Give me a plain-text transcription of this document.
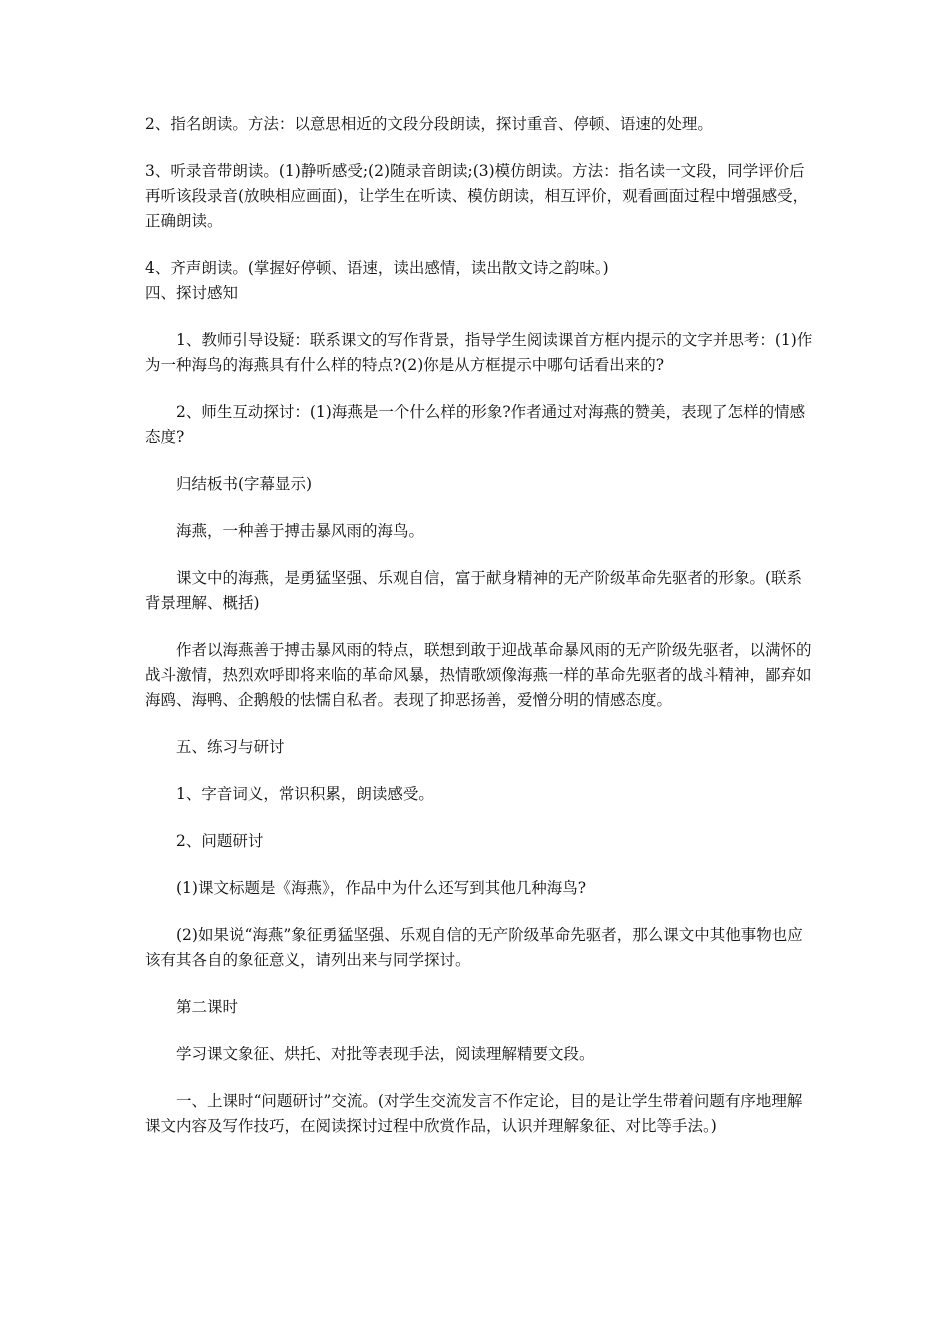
2、指名朗读。方法：以意思相近的文段分段朗读，探讨重音、停顿、语速的处理。

3、听录音带朗读。(1)静听感受;(2)随录音朗读;(3)模仿朗读。方法：指名读一文段，同学评价后再听该段录音(放映相应画面)，让学生在听读、模仿朗读，相互评价，观看画面过程中增强感受，正确朗读。

4、齐声朗读。(掌握好停顿、语速，读出感情，读出散文诗之韵味。)

四、探讨感知

1、教师引导设疑：联系课文的写作背景，指导学生阅读课首方框内提示的文字并思考：(1)作为一种海鸟的海燕具有什么样的特点?(2)你是从方框提示中哪句话看出来的?

2、师生互动探讨：(1)海燕是一个什么样的形象?作者通过对海燕的赞美，表现了怎样的情感态度?

归结板书(字幕显示)

海燕，一种善于搏击暴风雨的海鸟。

课文中的海燕，是勇猛坚强、乐观自信，富于献身精神的无产阶级革命先驱者的形象。(联系背景理解、概括)

作者以海燕善于搏击暴风雨的特点，联想到敢于迎战革命暴风雨的无产阶级先驱者，以满怀的战斗激情，热烈欢呼即将来临的革命风暴，热情歌颂像海燕一样的革命先驱者的战斗精神，鄙弃如海鸥、海鸭、企鹅般的怯懦自私者。表现了抑恶扬善，爱憎分明的情感态度。

五、练习与研讨

1、字音词义，常识积累，朗读感受。

2、问题研讨

(1)课文标题是《海燕》，作品中为什么还写到其他几种海鸟?

(2)如果说“海燕”象征勇猛坚强、乐观自信的无产阶级革命先驱者，那么课文中其他事物也应该有其各自的象征意义，请列出来与同学探讨。

第二课时

学习课文象征、烘托、对批等表现手法，阅读理解精要文段。

一、上课时“问题研讨”交流。(对学生交流发言不作定论，目的是让学生带着问题有序地理解课文内容及写作技巧，在阅读探讨过程中欣赏作品，认识并理解象征、对比等手法。)
